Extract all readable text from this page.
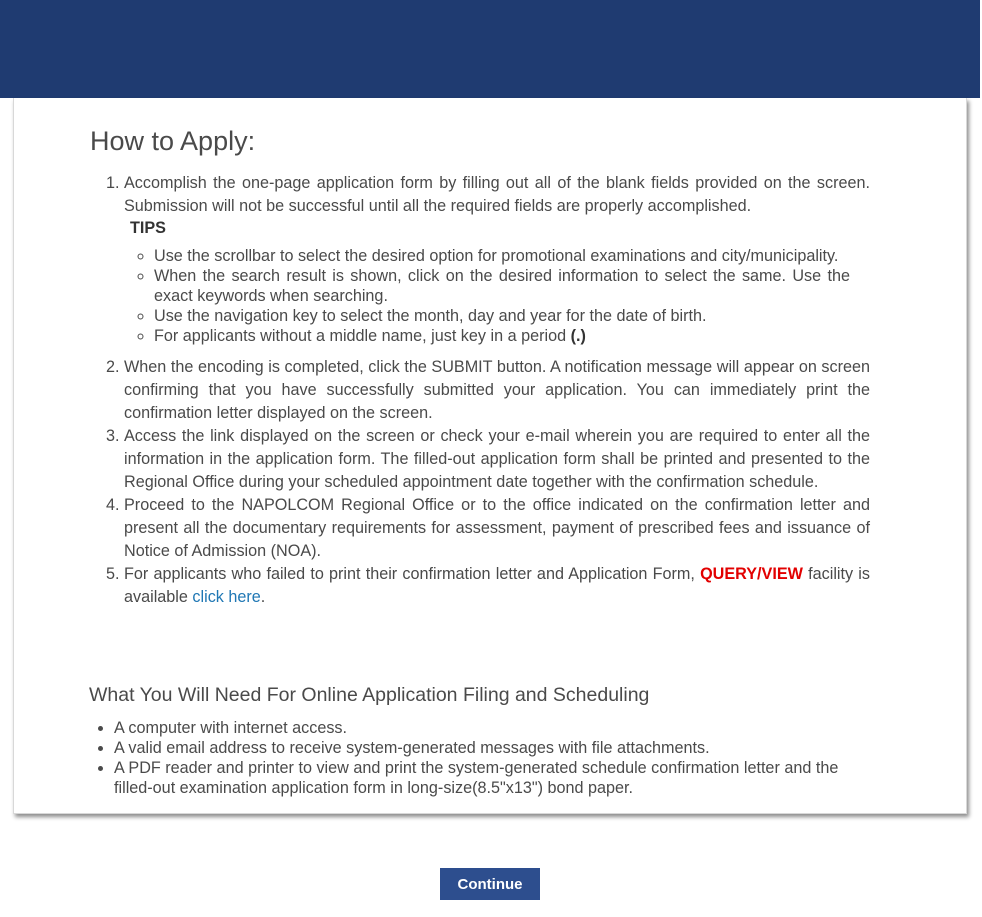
How to Apply:
1. Accomplish the one-page application form by filling out all of the blank fields provided on the screen. Submission will not be successful until all the required fields are properly accomplished.
TIPS
◦ Use the scrollbar to select the desired option for promotional examinations and city/municipality.
◦ When the search result is shown, click on the desired information to select the same. Use the exact keywords when searching.
◦ Use the navigation key to select the month, day and year for the date of birth.
◦ For applicants without a middle name, just key in a period (.)
2. When the encoding is completed, click the SUBMIT button. A notification message will appear on screen confirming that you have successfully submitted your application. You can immediately print the confirmation letter displayed on the screen.
3. Access the link displayed on the screen or check your e-mail wherein you are required to enter all the information in the application form. The filled-out application form shall be printed and presented to the Regional Office during your scheduled appointment date together with the confirmation schedule.
4. Proceed to the NAPOLCOM Regional Office or to the office indicated on the confirmation letter and present all the documentary requirements for assessment, payment of prescribed fees and issuance of Notice of Admission (NOA).
5. For applicants who failed to print their confirmation letter and Application Form, QUERY/VIEW facility is available click here.
What You Will Need For Online Application Filing and Scheduling
• A computer with internet access.
• A valid email address to receive system-generated messages with file attachments.
• A PDF reader and printer to view and print the system-generated schedule confirmation letter and the filled-out examination application form in long-size(8.5"x13") bond paper.
Continue
